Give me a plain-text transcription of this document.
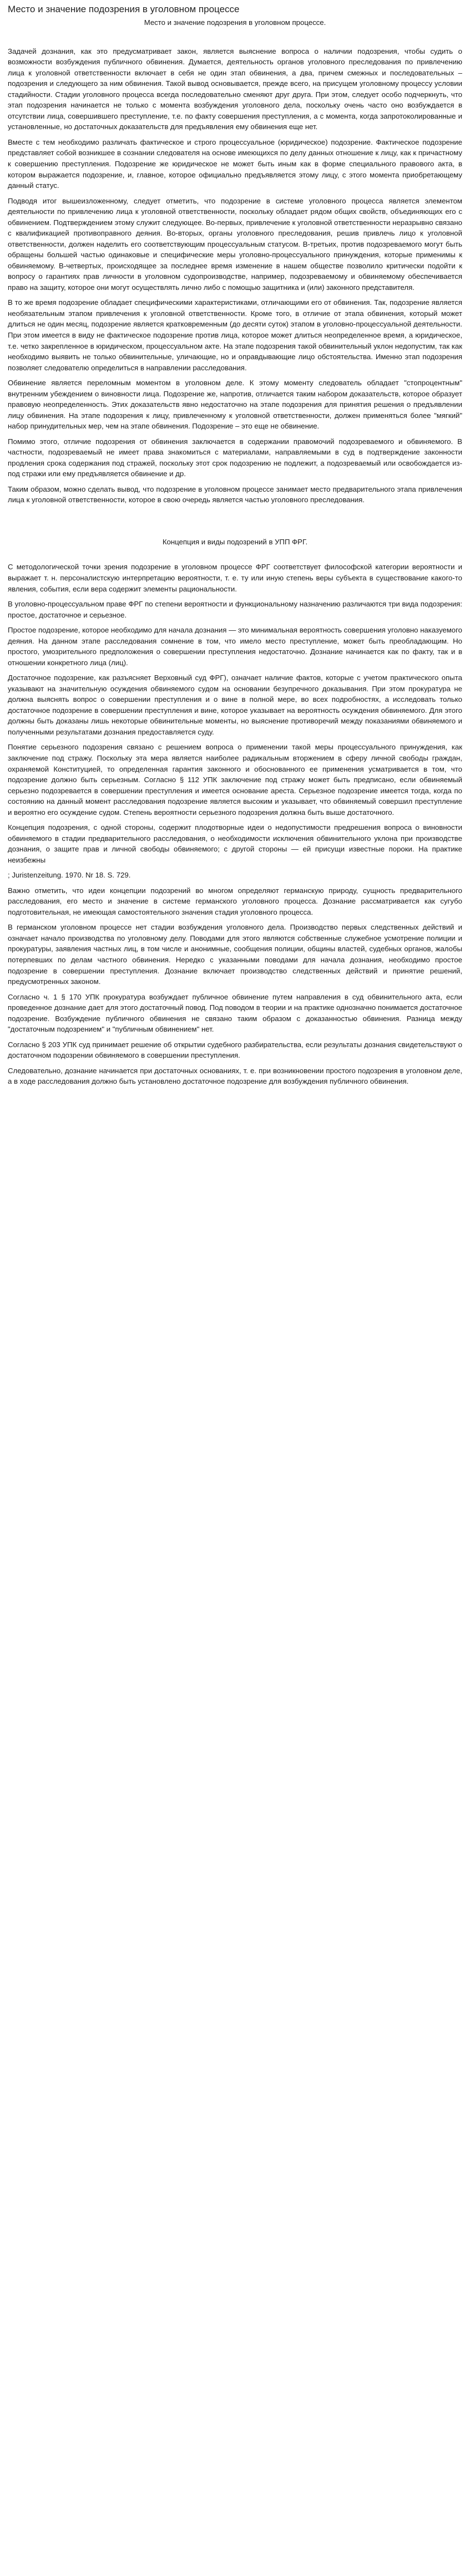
Место и значение подозрения в уголовном процессе
Место и значение подозрения в уголовном процессе.

Задачей дознания, как это предусматривает закон, является выяснение вопроса о наличии подозрения, чтобы судить о возможности возбуждения публичного обвинения. Думается, деятельность органов уголовного преследования по привлечению лица к уголовной ответственности включает в себя не один этап обвинения, а два, причем смежных и последовательных – подозрения и следующего за ним обвинения. Такой вывод основывается, прежде всего, на присущем уголовному процессу условии стадийности. Стадии уголовного процесса всегда последовательно сменяют друг друга. При этом, следует особо подчеркнуть, что этап подозрения начинается не только с момента возбуждения уголовного дела, поскольку очень часто оно возбуждается в отсутствии лица, совершившего преступление, т.е. по факту совершения преступления, а с момента, когда запротоколированные и установленные, но достаточных доказательств для предъявления ему обвинения еще нет.

Вместе с тем необходимо различать фактическое и строго процессуальное (юридическое) подозрение. Фактическое подозрение представляет собой возникшее в сознании следователя на основе имеющихся по делу данных отношение к лицу, как к причастному к совершению преступления. Подозрение же юридическое не может быть иным как в форме специального правового акта, в котором выражается подозрение, и, главное, которое официально предъявляется этому лицу, с этого момента приобретающему данный статус.

Подводя итог вышеизложенному, следует отметить, что подозрение в системе уголовного процесса является элементом деятельности по привлечению лица к уголовной ответственности, поскольку обладает рядом общих свойств, объединяющих его с обвинением. Подтверждением этому служит следующее. Во-первых, привлечение к уголовной ответственности неразрывно связано с квалификацией противоправного деяния. Во-вторых, органы уголовного преследования, решив привлечь лицо к уголовной ответственности, должен наделить его соответствующим процессуальным статусом. В-третьих, против подозреваемого могут быть обращены большей частью одинаковые и специфические меры уголовно-процессуального принуждения, которые применимы к обвиняемому. В-четвертых, происходящее за последнее время изменение в нашем обществе позволило критически подойти к вопросу о гарантиях прав личности в уголовном судопроизводстве, например, подозреваемому и обвиняемому обеспечивается право на защиту, которое они могут осуществлять лично либо с помощью защитника и (или) законного представителя.

В то же время подозрение обладает специфическими характеристиками, отличающими его от обвинения. Так, подозрение является необязательным этапом привлечения к уголовной ответственности. Кроме того, в отличие от этапа обвинения, который может длиться не один месяц, подозрение является кратковременным (до десяти суток) этапом в уголовно-процессуальной деятельности. При этом имеется в виду не фактическое подозрение против лица, которое может длиться неопределенное время, а юридическое, т.е. четко закрепленное в юридическом, процессуальном акте. На этапе подозрения такой обвинительный уклон недопустим, так как необходимо выявить не только обвинительные, уличающие, но и оправдывающие лицо обстоятельства. Именно этап подозрения позволяет следователю определиться в направлении расследования.

Обвинение является переломным моментом в уголовном деле. К этому моменту следователь обладает "стопроцентным" внутренним убеждением о виновности лица. Подозрение же, напротив, отличается таким набором доказательств, которое образует правовую неопределенность. Этих доказательств явно недостаточно на этапе подозрения для принятия решения о предъявлении лицу обвинения. На этапе подозрения к лицу, привлеченному к уголовной ответственности, должен применяться более "мягкий" набор принудительных мер, чем на этапе обвинения. Подозрение – это еще не обвинение.

Помимо этого, отличие подозрения от обвинения заключается в содержании правомочий подозреваемого и обвиняемого. В частности, подозреваемый не имеет права знакомиться с материалами, направляемыми в суд в подтверждение законности продления срока содержания под стражей, поскольку этот срок подозрению не подлежит, а подозреваемый или освобождается из-под стражи или ему предъявляется обвинение и др.

Таким образом, можно сделать вывод, что подозрение в уголовном процессе занимает место предварительного этапа привлечения лица к уголовной ответственности, которое в свою очередь является частью уголовного преследования.

Концепция и виды подозрений в УПП ФРГ.

С методологической точки зрения подозрение в уголовном процессе ФРГ соответствует философской категории вероятности и выражает т. н. персоналистскую интерпретацию вероятности, т. е. ту или иную степень веры субъекта в существование какого-то явления, события, если вера содержит элементы рациональности.

В уголовно-процессуальном праве ФРГ по степени вероятности и функциональному назначению различаются три вида подозрения: простое, достаточное и серьезное.

Простое подозрение, которое необходимо для начала дознания — это минимальная вероятность совершения уголовно наказуемого деяния. На данном этапе расследования сомнение в том, что имело место преступление, может быть преобладающим. Но простого, умозрительного предположения о совершении преступления недостаточно. Дознание начинается как по факту, так и в отношении конкретного лица (лиц).

Достаточное подозрение, как разъясняет Верховный суд ФРГ), означает наличие фактов, которые с учетом практического опыта указывают на значительную осуждения обвиняемого судом на основании безупречного доказывания. При этом прокуратура не должна выяснять вопрос о совершении преступления и о вине в полной мере, во всех подробностях, а исследовать только достаточное подозрение в совершении преступления и вине, которое указывает на вероятность осуждения обвиняемого. Для этого должны быть доказаны лишь некоторые обвинительные моменты, но выяснение противоречий между показаниями обвиняемого и полученными результатами дознания предоставляется суду.

Понятие серьезного подозрения связано с решением вопроса о применении такой меры процессуального принуждения, как заключение под стражу. Поскольку эта мера является наиболее радикальным вторжением в сферу личной свободы граждан, охраняемой Конституцией, то определенная гарантия законного и обоснованного ее применения усматривается в том, что подозрение должно быть серьезным. Согласно § 112 УПК заключение под стражу может быть предписано, если обвиняемый серьезно подозревается в совершении преступления и имеется основание ареста. Серьезное подозрение имеется тогда, когда по состоянию на данный момент расследования подозрение является высоким и указывает, что обвиняемый совершил преступление и вероятно его осуждение судом. Степень вероятности серьезного подозрения должна быть выше достаточного.

Концепция подозрения, с одной стороны, содержит плодотворные идеи о недопустимости предрешения вопроса о виновности обвиняемого в стадии предварительного расследования, о необходимости исключения обвинительного уклона при производстве дознания, о защите прав и личной свободы обвиняемого; с другой стороны — ей присущи известные пороки. На практике неизбежны

; Juristenzeitung. 1970. Nr 18. S. 729.

Важно отметить, что идеи концепции подозрений во многом определяют германскую природу, сущность предварительного расследования, его место и значение в системе германского уголовного процесса. Дознание рассматривается как сугубо подготовительная, не имеющая самостоятельного значения стадия уголовного процесса.

В германском уголовном процессе нет стадии возбуждения уголовного дела. Производство первых следственных действий и означает начало производства по уголовному делу. Поводами для этого являются собственные служебное усмотрение полиции и прокуратуры, заявления частных лиц, в том числе и анонимные, сообщения полиции, общины властей, судебных органов, жалобы потерпевших по делам частного обвинения. Нередко с указанными поводами для начала дознания, необходимо простое подозрение в совершении преступления. Дознание включает производство следственных действий и принятие решений, предусмотренных законом.

Согласно ч. 1 § 170 УПК прокуратура возбуждает публичное обвинение путем направления в суд обвинительного акта, если проведенное дознание дает для этого достаточный повод. Под поводом в теории и на практике однозначно понимается достаточное подозрение. Возбуждение публичного обвинения не связано таким образом с доказанностью обвинения. Разница между "достаточным подозрением" и "публичным обвинением" нет.

Согласно § 203 УПК суд принимает решение об открытии судебного разбирательства, если результаты дознания свидетельствуют о достаточном подозрении обвиняемого в совершении преступления.

Следовательно, дознание начинается при достаточных основаниях, т. е. при возникновении простого подозрения в уголовном деле, а в ходе расследования должно быть установлено достаточное подозрение для возбуждения публичного обвинения.
